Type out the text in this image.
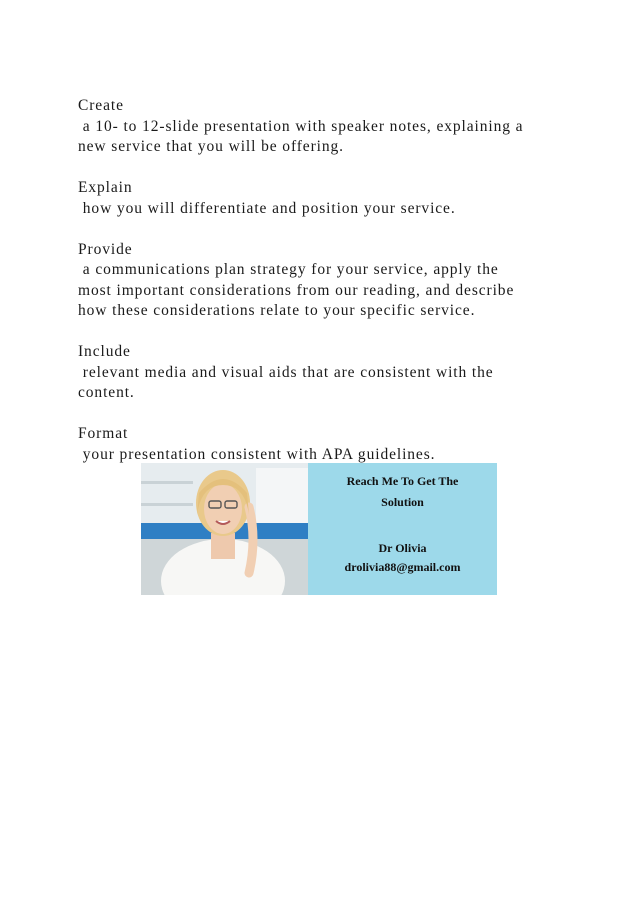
Create
a 10- to 12-slide presentation with speaker notes, explaining a
new service that you will be offering.
Explain
how you will differentiate and position your service.
Provide
a communications plan strategy for your service, apply the
most important considerations from our reading, and describe
how these considerations relate to your specific service.
Include
relevant media and visual aids that are consistent with the
content.
Format
your presentation consistent with APA guidelines.
Reach Me To Get The
Solution
Dr Olivia
drolivia88@gmail.com
